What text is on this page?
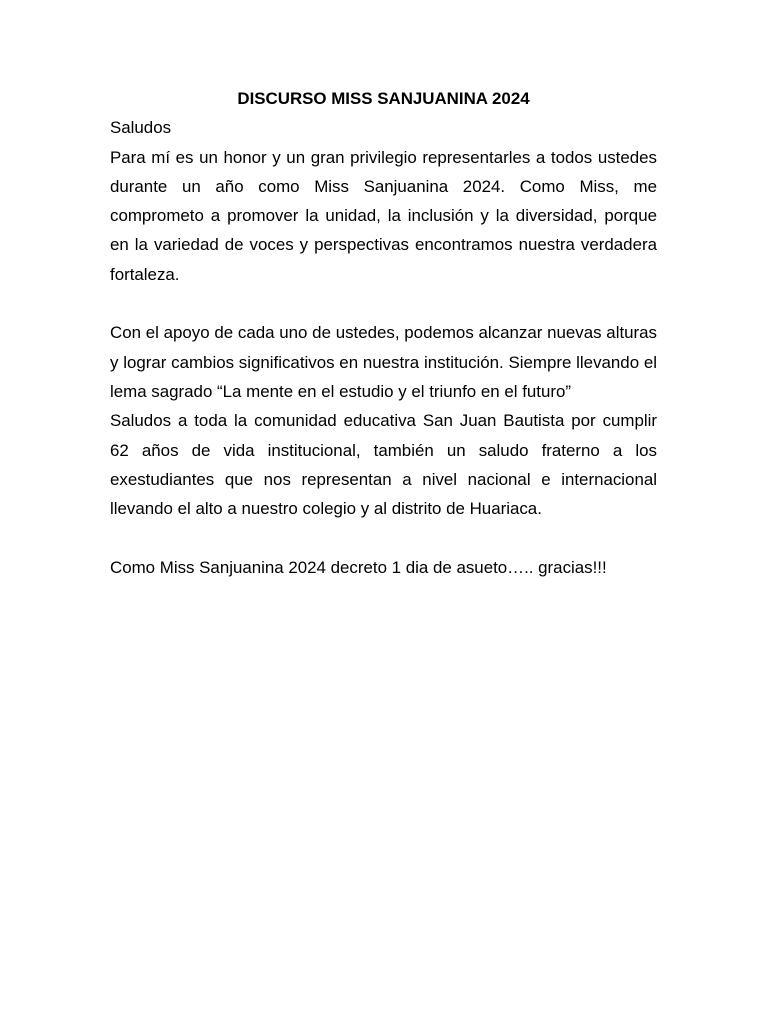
DISCURSO MISS SANJUANINA 2024

Saludos

Para mí es un honor y un gran privilegio representarles a todos ustedes durante un año como Miss Sanjuanina 2024. Como Miss, me comprometo a promover la unidad, la inclusión y la diversidad, porque en la variedad de voces y perspectivas encontramos nuestra verdadera fortaleza.

Con el apoyo de cada uno de ustedes, podemos alcanzar nuevas alturas y lograr cambios significativos en nuestra institución. Siempre llevando el lema sagrado “La mente en el estudio y el triunfo en el futuro”

Saludos a toda la comunidad educativa San Juan Bautista por cumplir 62 años de vida institucional, también un saludo fraterno a los exestudiantes que nos representan a nivel nacional e internacional llevando el alto a nuestro colegio y al distrito de Huariaca.

Como Miss Sanjuanina 2024 decreto 1 dia de asueto….. gracias!!!
